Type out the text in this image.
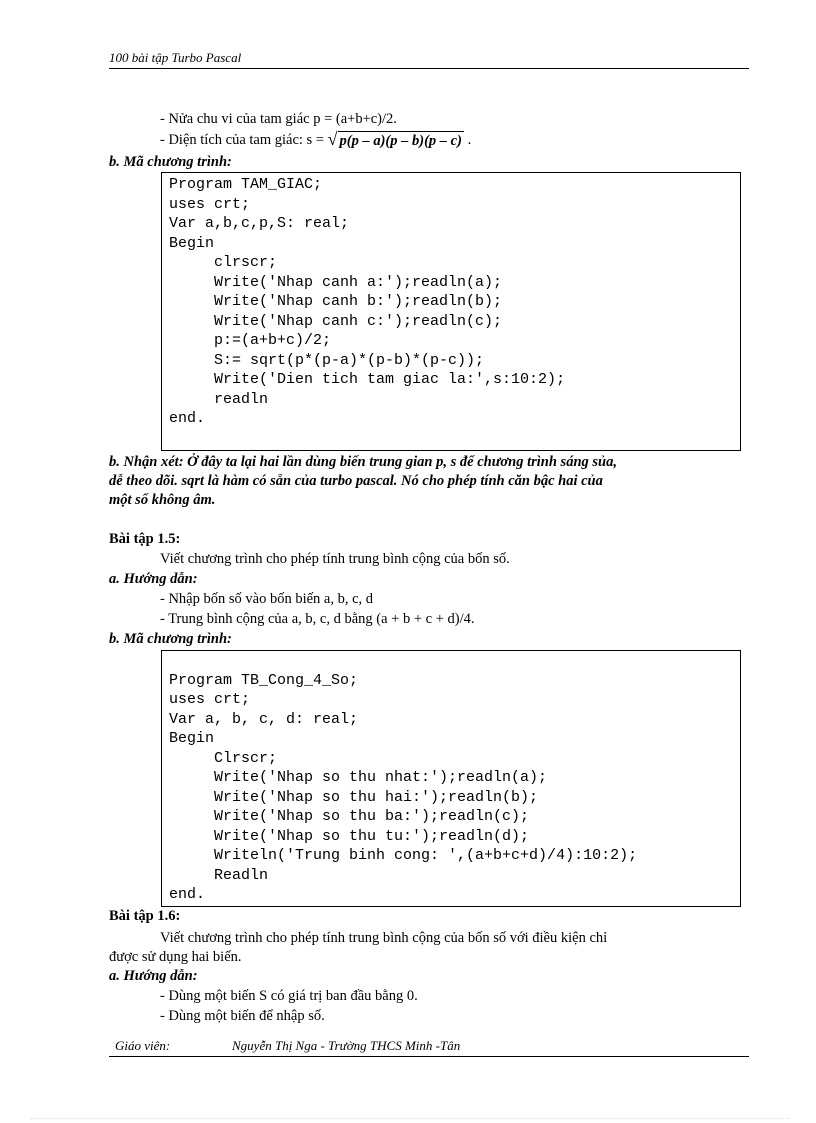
100 bài tập Turbo Pascal
- Nửa chu vi của tam giác p = (a+b+c)/2.
- Diện tích của tam giác: s = √ p(p – a)(p – b)(p – c) .
b. Mã chương trình:
Program TAM_GIAC;
uses crt;
Var a,b,c,p,S: real;
Begin
clrscr;
Write('Nhap canh a:');readln(a);
Write('Nhap canh b:');readln(b);
Write('Nhap canh c:');readln(c);
p:=(a+b+c)/2;
S:= sqrt(p*(p-a)*(p-b)*(p-c));
Write('Dien tich tam giac la:',s:10:2);
readln
end.
b. Nhận xét: Ở đây ta lại hai lần dùng biến trung gian p, s để chương trình sáng sủa,
dễ theo dõi. sqrt là hàm có sẵn của turbo pascal. Nó cho phép tính căn bậc hai của
một số không âm.
Bài tập 1.5:
Viết chương trình cho phép tính trung bình cộng của bốn số.
a. Hướng dẫn:
- Nhập bốn số vào bốn biến a, b, c, d
- Trung bình cộng của a, b, c, d bằng (a + b + c + d)/4.
b. Mã chương trình:

Program TB_Cong_4_So;
uses crt;
Var a, b, c, d: real;
Begin
Clrscr;
Write('Nhap so thu nhat:');readln(a);
Write('Nhap so thu hai:');readln(b);
Write('Nhap so thu ba:');readln(c);
Write('Nhap so thu tu:');readln(d);
Writeln('Trung binh cong: ',(a+b+c+d)/4):10:2);
Readln
end.
Bài tập 1.6:
Viết chương trình cho phép tính trung bình cộng của bốn số với điều kiện chỉ
được sử dụng hai biến.
a. Hướng dẫn:
- Dùng một biến S có giá trị ban đầu bằng 0.
- Dùng một biến để nhập số.
Giáo viên:	Nguyễn Thị Nga - Trường THCS Minh -Tân
